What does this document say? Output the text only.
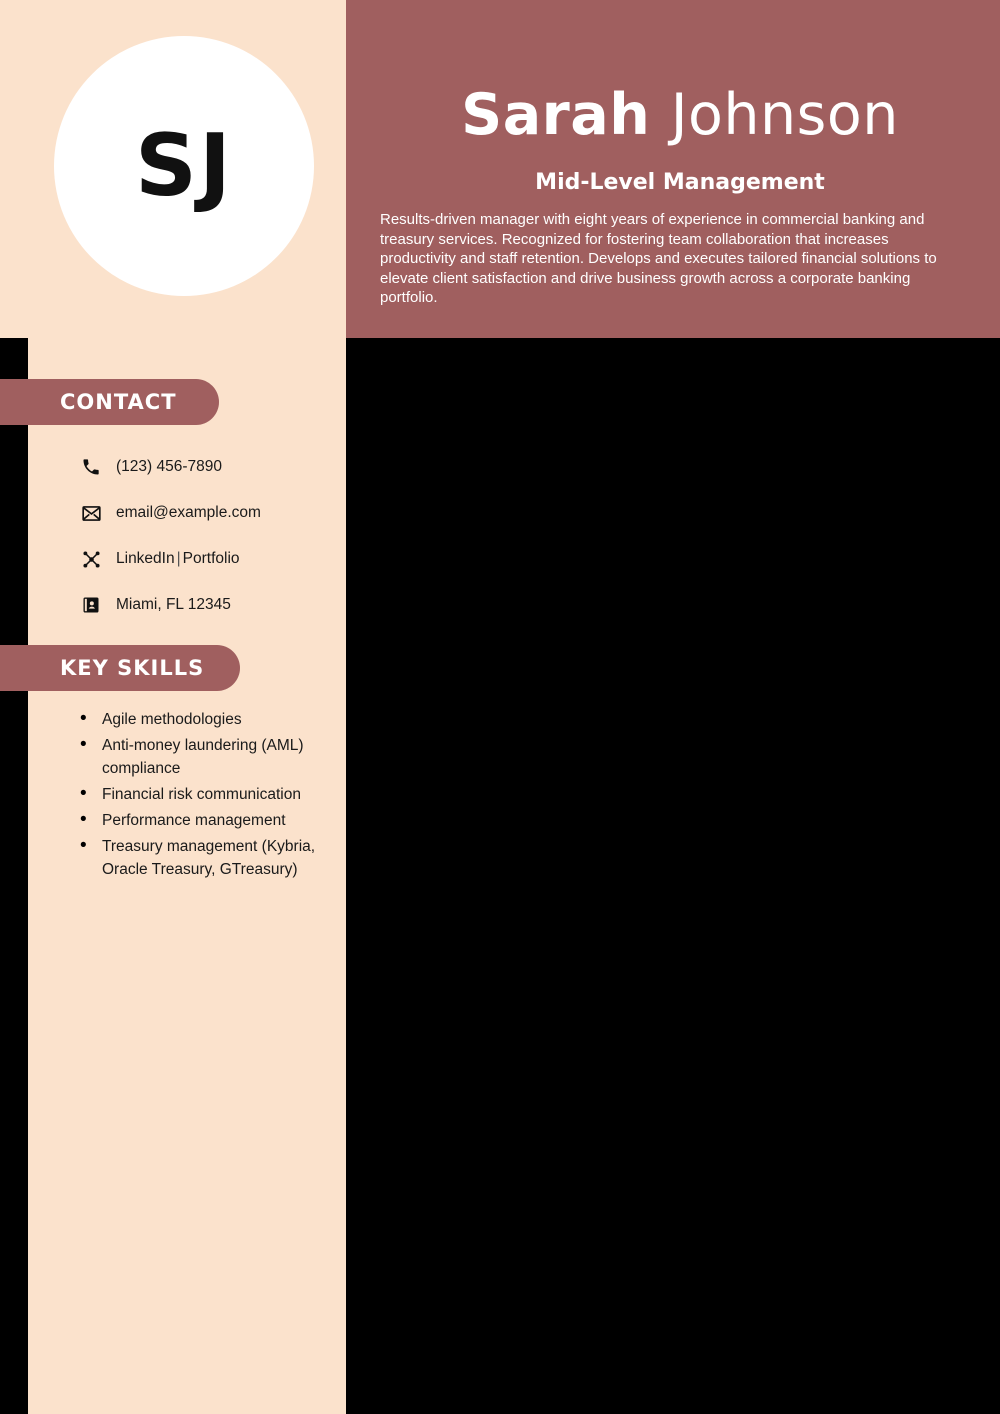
SJ
Sarah Johnson
Mid-Level Management
Results-driven manager with eight years of experience in commercial banking and treasury services. Recognized for fostering team collaboration that increases productivity and staff retention. Develops and executes tailored financial solutions to elevate client satisfaction and drive business growth across a corporate banking portfolio.
CONTACT
(123) 456-7890
email@example.com
LinkedIn | Portfolio
Miami, FL 12345
KEY SKILLS
• Agile methodologies
• Anti-money laundering (AML) compliance
• Financial risk communication
• Performance management
• Treasury management (Kybria, Oracle Treasury, GTreasury)
